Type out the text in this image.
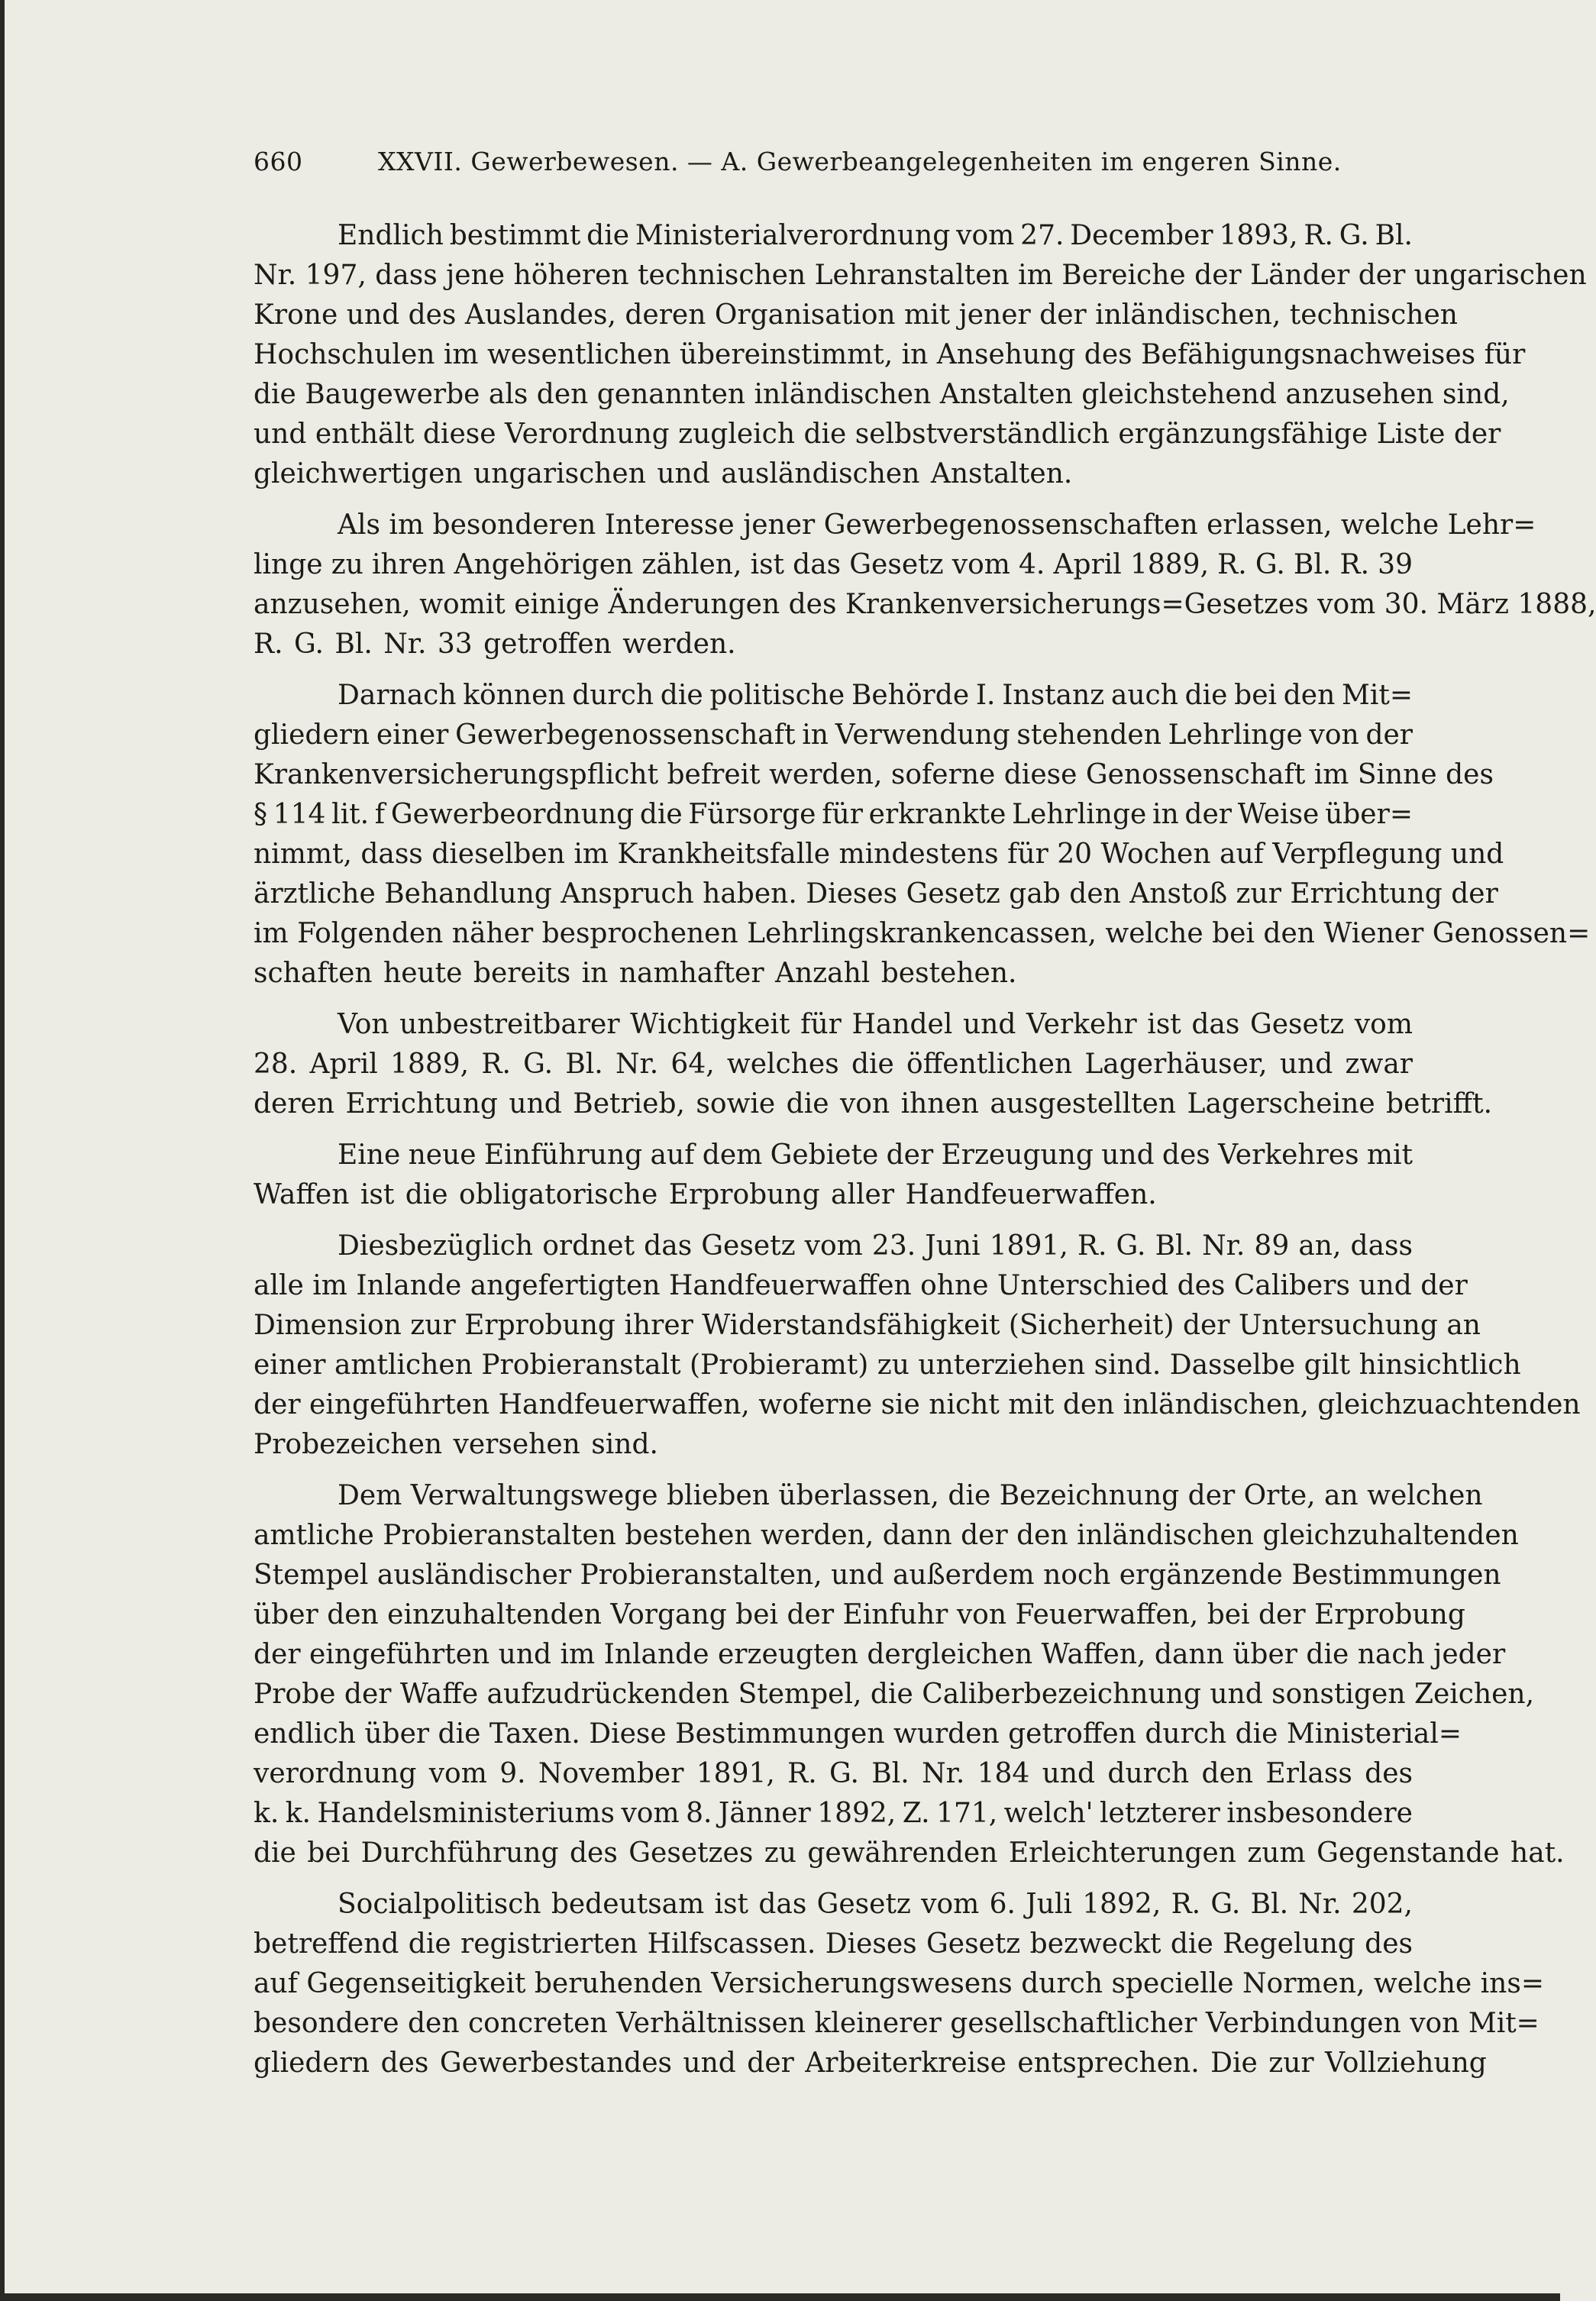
660	XXVII. Gewerbewesen. — A. Gewerbeangelegenheiten im engeren Sinne.
Endlich bestimmt die Ministerialverordnung vom 27. December 1893, R. G. Bl.
Nr. 197, dass jene höheren technischen Lehranstalten im Bereiche der Länder der ungarischen
Krone und des Auslandes, deren Organisation mit jener der inländischen, technischen
Hochschulen im wesentlichen übereinstimmt, in Ansehung des Befähigungsnachweises für
die Baugewerbe als den genannten inländischen Anstalten gleichstehend anzusehen sind,
und enthält diese Verordnung zugleich die selbstverständlich ergänzungsfähige Liste der
gleichwertigen ungarischen und ausländischen Anstalten.
Als im besonderen Interesse jener Gewerbegenossenschaften erlassen, welche Lehr=
linge zu ihren Angehörigen zählen, ist das Gesetz vom 4. April 1889, R. G. Bl. R. 39
anzusehen, womit einige Änderungen des Krankenversicherungs=Gesetzes vom 30. März 1888,
R. G. Bl. Nr. 33 getroffen werden.
Darnach können durch die politische Behörde I. Instanz auch die bei den Mit=
gliedern einer Gewerbegenossenschaft in Verwendung stehenden Lehrlinge von der
Krankenversicherungspflicht befreit werden, soferne diese Genossenschaft im Sinne des
§ 114 lit. f Gewerbeordnung die Fürsorge für erkrankte Lehrlinge in der Weise über=
nimmt, dass dieselben im Krankheitsfalle mindestens für 20 Wochen auf Verpflegung und
ärztliche Behandlung Anspruch haben. Dieses Gesetz gab den Anstoß zur Errichtung der
im Folgenden näher besprochenen Lehrlingskrankencassen, welche bei den Wiener Genossen=
schaften heute bereits in namhafter Anzahl bestehen.
Von unbestreitbarer Wichtigkeit für Handel und Verkehr ist das Gesetz vom
28. April 1889, R. G. Bl. Nr. 64, welches die öffentlichen Lagerhäuser, und zwar
deren Errichtung und Betrieb, sowie die von ihnen ausgestellten Lagerscheine betrifft.
Eine neue Einführung auf dem Gebiete der Erzeugung und des Verkehres mit
Waffen ist die obligatorische Erprobung aller Handfeuerwaffen.
Diesbezüglich ordnet das Gesetz vom 23. Juni 1891, R. G. Bl. Nr. 89 an, dass
alle im Inlande angefertigten Handfeuerwaffen ohne Unterschied des Calibers und der
Dimension zur Erprobung ihrer Widerstandsfähigkeit (Sicherheit) der Untersuchung an
einer amtlichen Probieranstalt (Probieramt) zu unterziehen sind. Dasselbe gilt hinsichtlich
der eingeführten Handfeuerwaffen, woferne sie nicht mit den inländischen, gleichzuachtenden
Probezeichen versehen sind.
Dem Verwaltungswege blieben überlassen, die Bezeichnung der Orte, an welchen
amtliche Probieranstalten bestehen werden, dann der den inländischen gleichzuhaltenden
Stempel ausländischer Probieranstalten, und außerdem noch ergänzende Bestimmungen
über den einzuhaltenden Vorgang bei der Einfuhr von Feuerwaffen, bei der Erprobung
der eingeführten und im Inlande erzeugten dergleichen Waffen, dann über die nach jeder
Probe der Waffe aufzudrückenden Stempel, die Caliberbezeichnung und sonstigen Zeichen,
endlich über die Taxen. Diese Bestimmungen wurden getroffen durch die Ministerial=
verordnung vom 9. November 1891, R. G. Bl. Nr. 184 und durch den Erlass des
k. k. Handelsministeriums vom 8. Jänner 1892, Z. 171, welch' letzterer insbesondere
die bei Durchführung des Gesetzes zu gewährenden Erleichterungen zum Gegenstande hat.
Socialpolitisch bedeutsam ist das Gesetz vom 6. Juli 1892, R. G. Bl. Nr. 202,
betreffend die registrierten Hilfscassen. Dieses Gesetz bezweckt die Regelung des
auf Gegenseitigkeit beruhenden Versicherungswesens durch specielle Normen, welche ins=
besondere den concreten Verhältnissen kleinerer gesellschaftlicher Verbindungen von Mit=
gliedern des Gewerbestandes und der Arbeiterkreise entsprechen. Die zur Vollziehung
